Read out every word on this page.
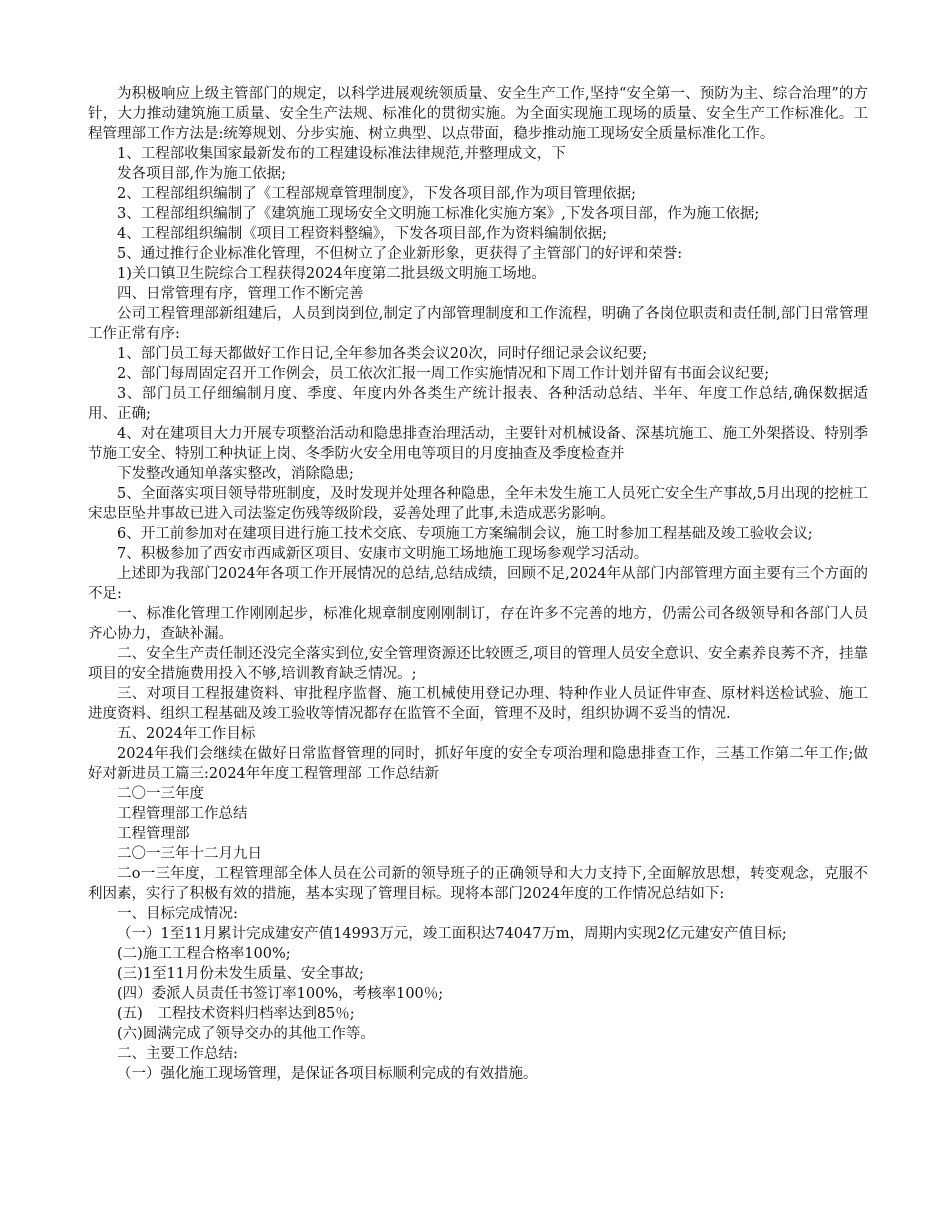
为积极响应上级主管部门的规定，以科学进展观统领质量、安全生产工作,坚持“安全第一、预防为主、综合治理”的方针，大力推动建筑施工质量、安全生产法规、标准化的贯彻实施。为全面实现施工现场的质量、安全生产工作标准化。工程管理部工作方法是:统筹规划、分步实施、树立典型、以点带面，稳步推动施工现场安全质量标准化工作。

1、工程部收集国家最新发布的工程建设标准法律规范,并整理成文，下

发各项目部,作为施工依据;

2、工程部组织编制了《工程部规章管理制度》，下发各项目部,作为项目管理依据;

3、工程部组织编制了《建筑施工现场安全文明施工标准化实施方案》,下发各项目部，作为施工依据;

4、工程部组织编制《项目工程资料整编》，下发各项目部,作为资料编制依据;

5、通过推行企业标准化管理，不但树立了企业新形象，更获得了主管部门的好评和荣誉:

1)关口镇卫生院综合工程获得2024年度第二批县级文明施工场地。

四、日常管理有序，管理工作不断完善

公司工程管理部新组建后，人员到岗到位,制定了内部管理制度和工作流程，明确了各岗位职责和责任制,部门日常管理工作正常有序:

1、部门员工每天都做好工作日记,全年参加各类会议20次，同时仔细记录会议纪要;

2、部门每周固定召开工作例会，员工依次汇报一周工作实施情况和下周工作计划并留有书面会议纪要;

3、部门员工仔细编制月度、季度、年度内外各类生产统计报表、各种活动总结、半年、年度工作总结,确保数据适用、正确;

4、对在建项目大力开展专项整治活动和隐患排查治理活动，主要针对机械设备、深基坑施工、施工外架搭设、特别季节施工安全、特别工种执证上岗、冬季防火安全用电等项目的月度抽查及季度检查并

下发整改通知单落实整改，消除隐患;

5、全面落实项目领导带班制度，及时发现并处理各种隐患，全年未发生施工人员死亡安全生产事故,5月出现的挖桩工宋忠臣坠井事故已进入司法鉴定伤残等级阶段，妥善处理了此事,未造成恶劣影响。

6、开工前参加对在建项目进行施工技术交底、专项施工方案编制会议，施工时参加工程基础及竣工验收会议;

7、积极参加了西安市西咸新区项目、安康市文明施工场地施工现场参观学习活动。

上述即为我部门2024年各项工作开展情况的总结,总结成绩，回顾不足,2024年从部门内部管理方面主要有三个方面的不足:

一、标准化管理工作刚刚起步，标准化规章制度刚刚制订，存在许多不完善的地方，仍需公司各级领导和各部门人员齐心协力，查缺补漏。

二、安全生产责任制还没完全落实到位,安全管理资源还比较匮乏,项目的管理人员安全意识、安全素养良莠不齐，挂靠项目的安全措施费用投入不够,培训教育缺乏情况。;

三、对项目工程报建资料、审批程序监督、施工机械使用登记办理、特种作业人员证件审查、原材料送检试验、施工进度资料、组织工程基础及竣工验收等情况都存在监管不全面，管理不及时，组织协调不妥当的情况.

五、2024年工作目标

2024年我们会继续在做好日常监督管理的同时，抓好年度的安全专项治理和隐患排查工作，三基工作第二年工作;做好对新进员工篇三:2024年年度工程管理部 工作总结新

二〇一三年度

工程管理部工作总结

工程管理部

二〇一三年十二月九日

二o一三年度，工程管理部全体人员在公司新的领导班子的正确领导和大力支持下,全面解放思想，转变观念，克服不利因素，实行了积极有效的措施，基本实现了管理目标。现将本部门2024年度的工作情况总结如下:

一、目标完成情况:

（一）1至11月累计完成建安产值14993万元，竣工面积达74047万m，周期内实现2亿元建安产值目标;

(二)施工工程合格率100%;

(三)1至11月份未发生质量、安全事故;

(四）委派人员责任书签订率100%，考核率100％;

(五)　工程技术资料归档率达到85％;

(六)圆满完成了领导交办的其他工作等。

二、主要工作总结:

（一）强化施工现场管理，是保证各项目标顺利完成的有效措施。
